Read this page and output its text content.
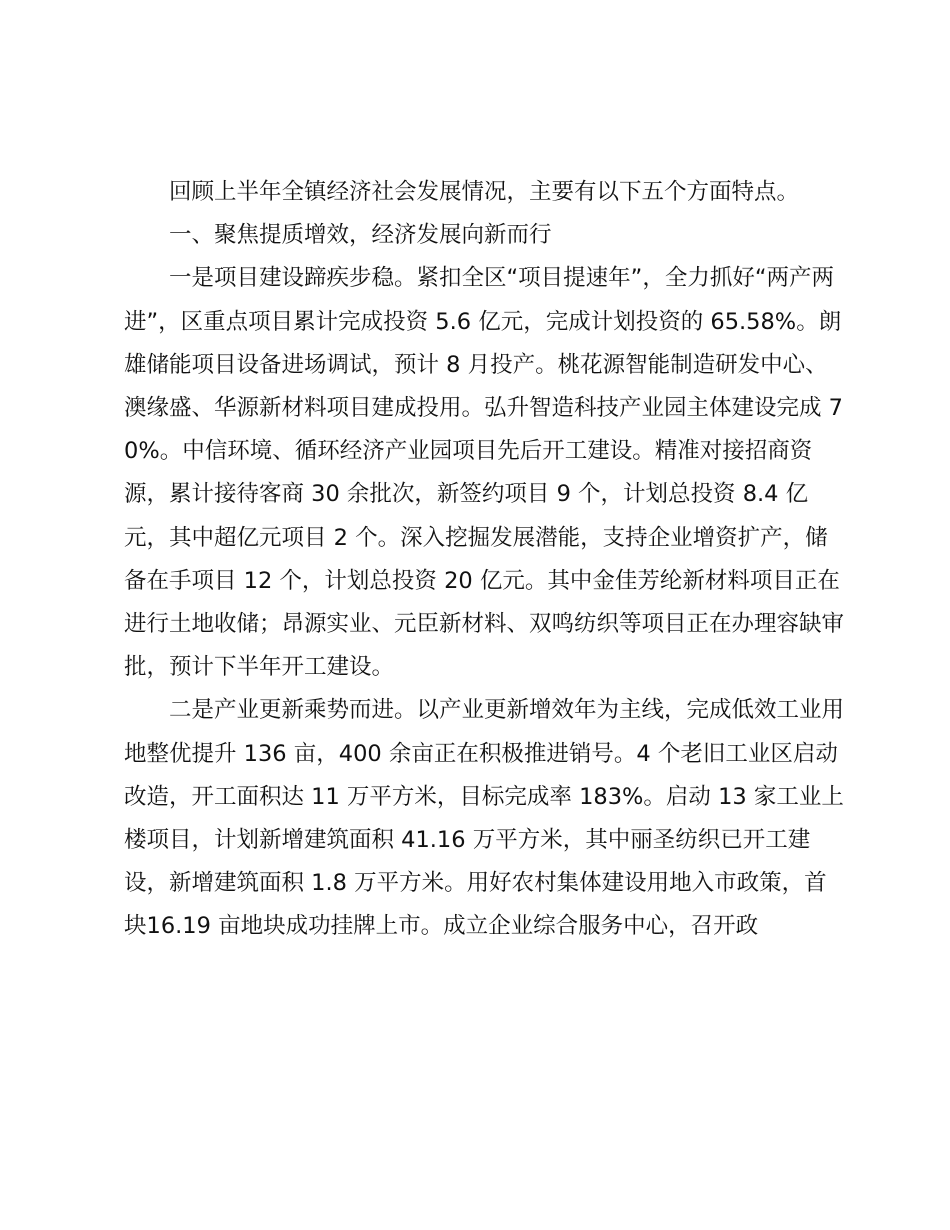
回顾上半年全镇经济社会发展情况，主要有以下五个方面特点。

一、聚焦提质增效，经济发展向新而行

一是项目建设蹄疾步稳。紧扣全区“项目提速年”，全力抓好“两产两进”，区重点项目累计完成投资 5.6 亿元，完成计划投资的 65.58%。朗雄储能项目设备进场调试，预计 8 月投产。桃花源智能制造研发中心、澳缘盛、华源新材料项目建成投用。弘升智造科技产业园主体建设完成 70%。中信环境、循环经济产业园项目先后开工建设。精准对接招商资源，累计接待客商 30 余批次，新签约项目 9 个，计划总投资 8.4 亿元，其中超亿元项目 2 个。深入挖掘发展潜能，支持企业增资扩产，储备在手项目 12 个，计划总投资 20 亿元。其中金佳芳纶新材料项目正在进行土地收储；昂源实业、元臣新材料、双鸣纺织等项目正在办理容缺审批，预计下半年开工建设。

二是产业更新乘势而进。以产业更新增效年为主线，完成低效工业用地整优提升 136 亩，400 余亩正在积极推进销号。4 个老旧工业区启动改造，开工面积达 11 万平方米，目标完成率 183%。启动 13 家工业上楼项目，计划新增建筑面积 41.16 万平方米，其中丽圣纺织已开工建设，新增建筑面积 1.8 万平方米。用好农村集体建设用地入市政策，首块16.19 亩地块成功挂牌上市。成立企业综合服务中心，召开政
